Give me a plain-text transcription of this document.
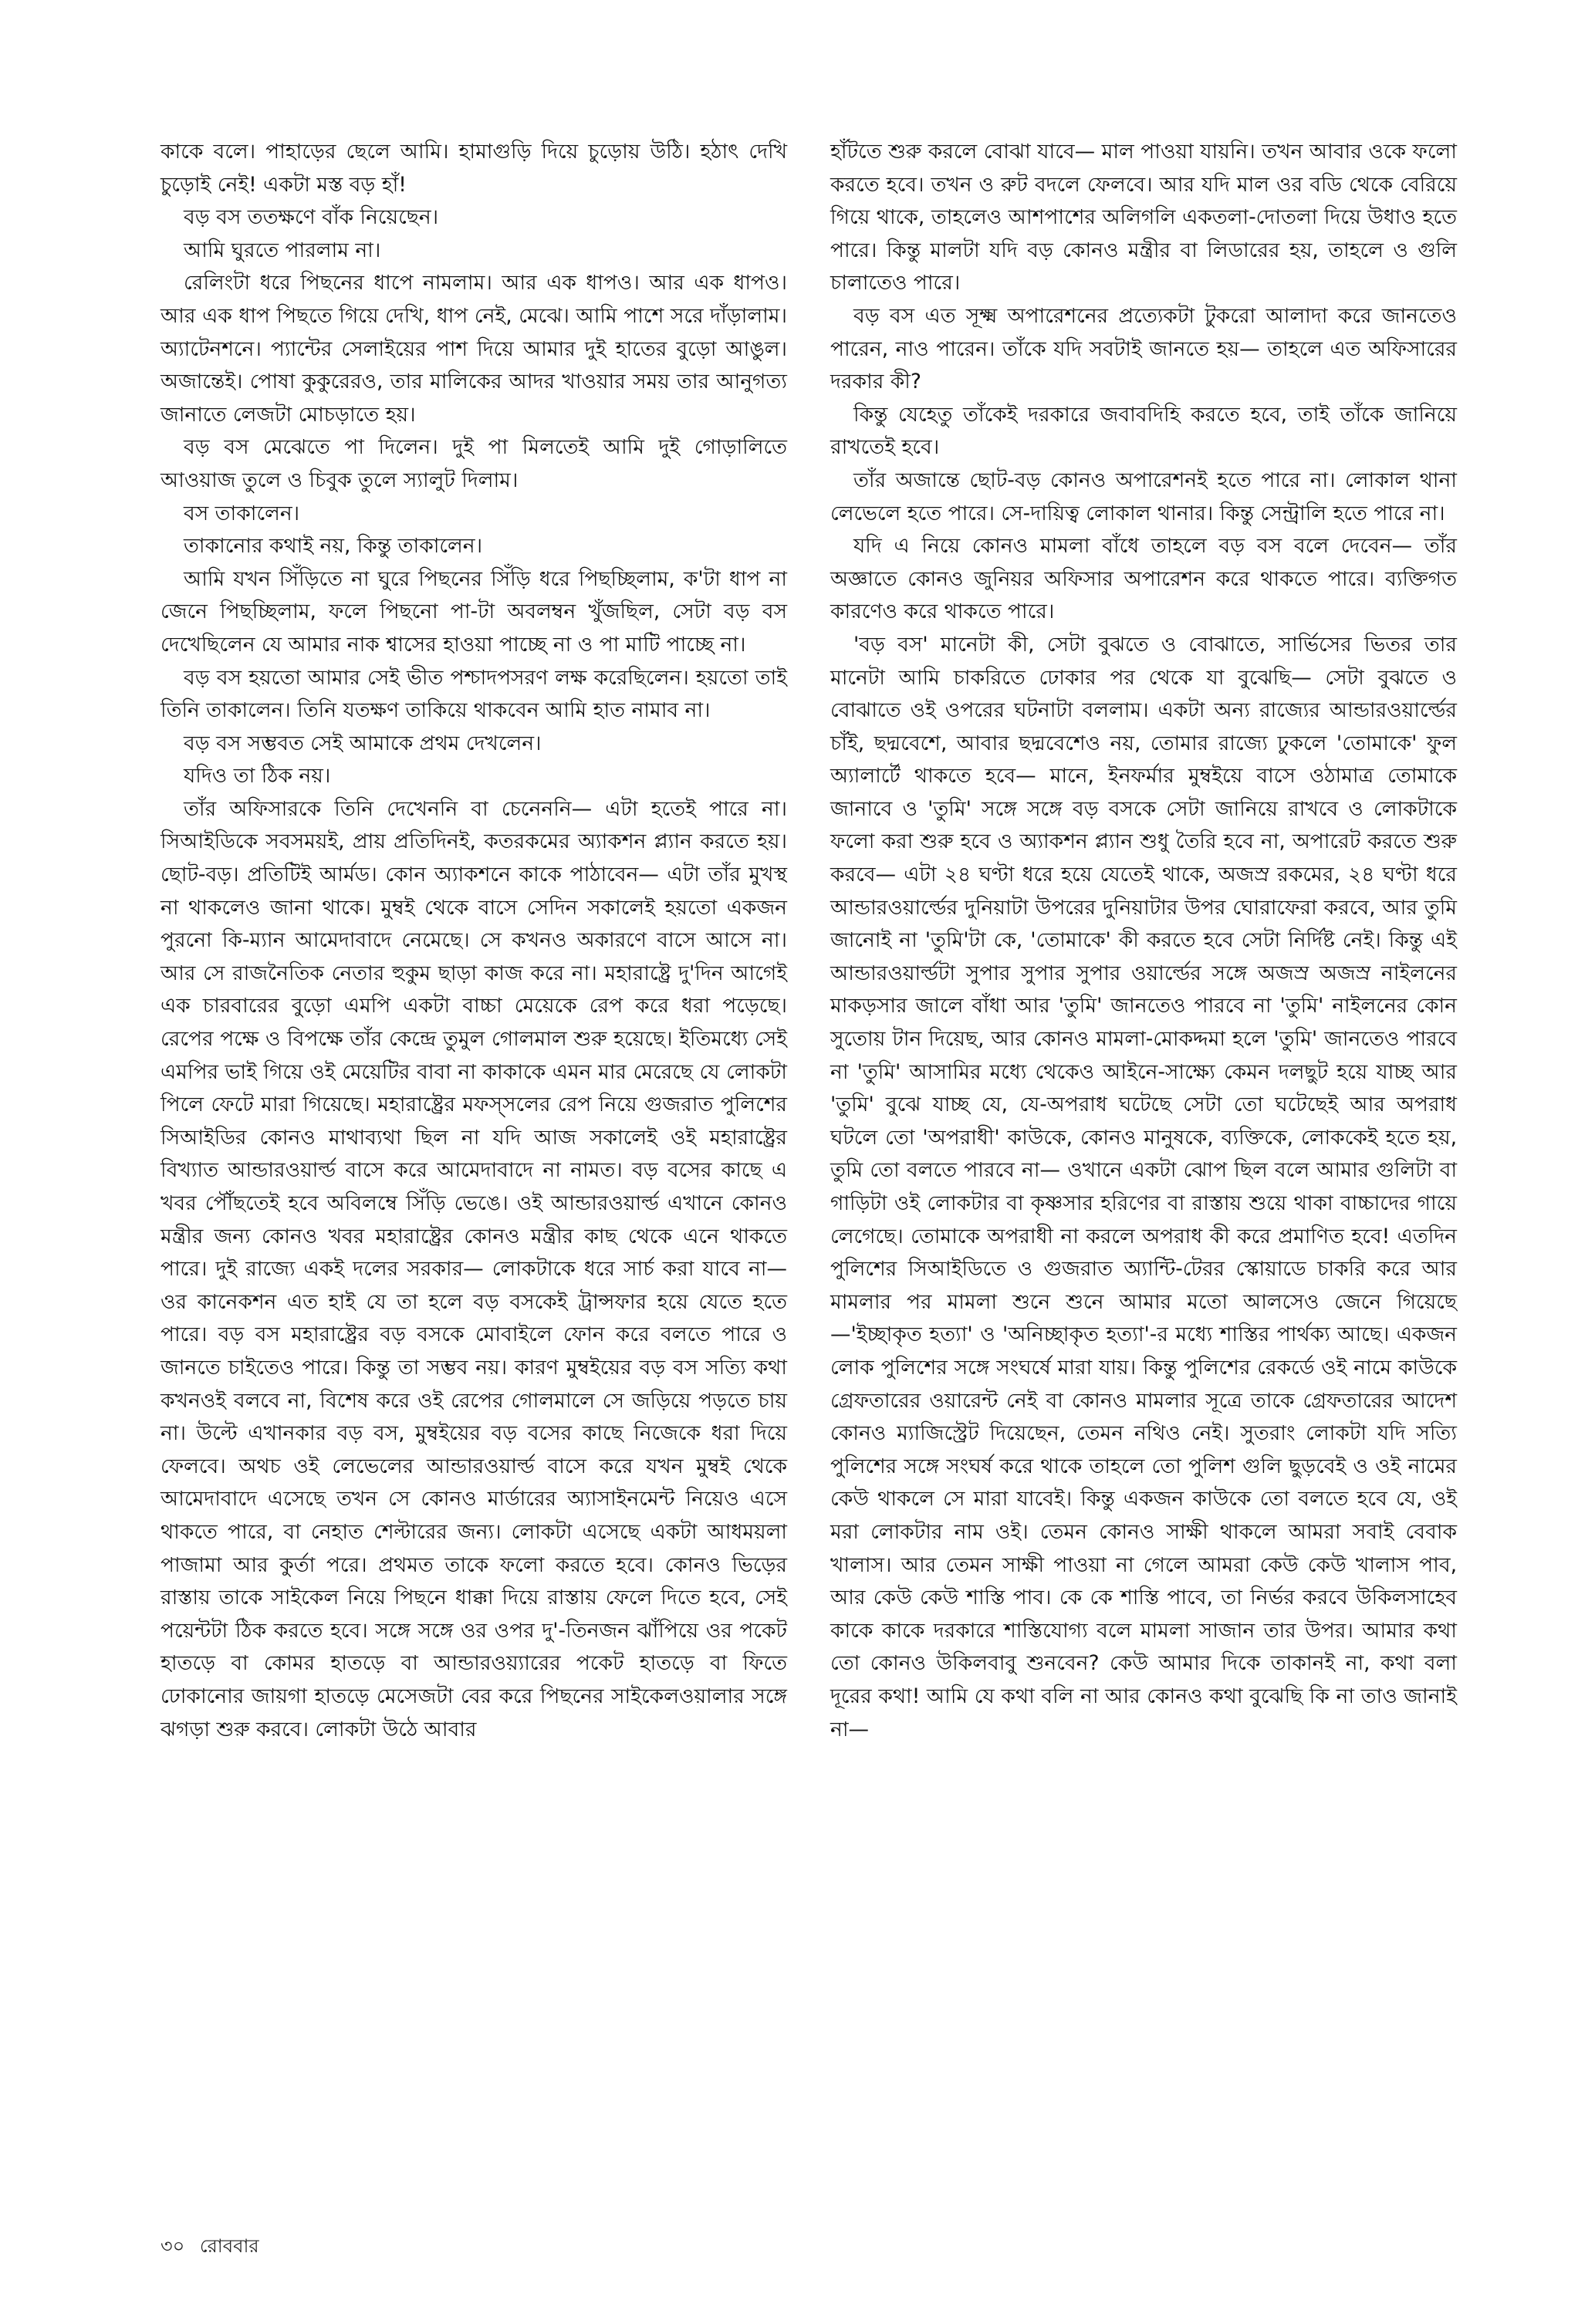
কাকে বলে। পাহাড়ের ছেলে আমি। হামাগুড়ি দিয়ে চুড়োয় উঠি। হঠাৎ দেখি চুড়োই নেই! একটা মস্ত বড় হাঁ!

বড় বস ততক্ষণে বাঁক নিয়েছেন।

আমি ঘুরতে পারলাম না।

রেলিংটা ধরে পিছনের ধাপে নামলাম। আর এক ধাপও। আর এক ধাপও। আর এক ধাপ পিছতে গিয়ে দেখি, ধাপ নেই, মেঝে। আমি পাশে সরে দাঁড়ালাম। অ্যাটেনশনে। প্যান্টের সেলাইয়ের পাশ দিয়ে আমার দুই হাতের বুড়ো আঙুল। অজান্তেই। পোষা কুকুরেরও, তার মালিকের আদর খাওয়ার সময় তার আনুগত্য জানাতে লেজটা মোচড়াতে হয়।

বড় বস মেঝেতে পা দিলেন। দুই পা মিলতেই আমি দুই গোড়ালিতে আওয়াজ তুলে ও চিবুক তুলে স্যালুট দিলাম।

বস তাকালেন।

তাকানোর কথাই নয়, কিন্তু তাকালেন।

আমি যখন সিঁড়িতে না ঘুরে পিছনের সিঁড়ি ধরে পিছচ্ছিলাম, ক'টা ধাপ না জেনে পিছচ্ছিলাম, ফলে পিছনো পা-টা অবলম্বন খুঁজছিল, সেটা বড় বস দেখেছিলেন যে আমার নাক শ্বাসের হাওয়া পাচ্ছে না ও পা মাটি পাচ্ছে না।

বড় বস হয়তো আমার সেই ভীত পশ্চাদপসরণ লক্ষ করেছিলেন। হয়তো তাই তিনি তাকালেন। তিনি যতক্ষণ তাকিয়ে থাকবেন আমি হাত নামাব না।

বড় বস সম্ভবত সেই আমাকে প্রথম দেখলেন।

যদিও তা ঠিক নয়।

তাঁর অফিসারকে তিনি দেখেননি বা চেনেননি— এটা হতেই পারে না। সিআইডিকে সবসময়ই, প্রায় প্রতিদিনই, কতরকমের অ্যাকশন প্ল্যান করতে হয়। ছোট-বড়। প্রতিটিই আর্মড। কোন অ্যাকশনে কাকে পাঠাবেন— এটা তাঁর মুখস্থ না থাকলেও জানা থাকে। মুম্বই থেকে বাসে সেদিন সকালেই হয়তো একজন পুরনো কি-ম্যান আমেদাবাদে নেমেছে। সে কখনও অকারণে বাসে আসে না। আর সে রাজনৈতিক নেতার হুকুম ছাড়া কাজ করে না। মহারাষ্ট্রে দু'দিন আগেই এক চারবারের বুড়ো এমপি একটা বাচ্চা মেয়েকে রেপ করে ধরা পড়েছে। রেপের পক্ষে ও বিপক্ষে তাঁর কেন্দ্রে তুমুল গোলমাল শুরু হয়েছে। ইতিমধ্যে সেই এমপির ভাই গিয়ে ওই মেয়েটির বাবা না কাকাকে এমন মার মেরেছে যে লোকটা পিলে ফেটে মারা গিয়েছে। মহারাষ্ট্রের মফস্‌সলের রেপ নিয়ে গুজরাত পুলিশের সিআইডির কোনও মাথাব্যথা ছিল না যদি আজ সকালেই ওই মহারাষ্ট্রের বিখ্যাত আন্ডারওয়ার্ল্ড বাসে করে আমেদাবাদে না নামত। বড় বসের কাছে এ খবর পৌঁছতেই হবে অবিলম্বে সিঁড়ি ভেঙে। ওই আন্ডারওয়ার্ল্ড এখানে কোনও মন্ত্রীর জন্য কোনও খবর মহারাষ্ট্রের কোনও মন্ত্রীর কাছ থেকে এনে থাকতে পারে। দুই রাজ্যে একই দলের সরকার— লোকটাকে ধরে সার্চ করা যাবে না— ওর কানেকশন এত হাই যে তা হলে বড় বসকেই ট্রান্সফার হয়ে যেতে হতে পারে। বড় বস মহারাষ্ট্রের বড় বসকে মোবাইলে ফোন করে বলতে পারে ও জানতে চাইতেও পারে। কিন্তু তা সম্ভব নয়। কারণ মুম্বইয়ের বড় বস সত্যি কথা কখনওই বলবে না, বিশেষ করে ওই রেপের গোলমালে সে জড়িয়ে পড়তে চায় না। উল্টে এখানকার বড় বস, মুম্বইয়ের বড় বসের কাছে নিজেকে ধরা দিয়ে ফেলবে। অথচ ওই লেভেলের আন্ডারওয়ার্ল্ড বাসে করে যখন মুম্বই থেকে আমেদাবাদে এসেছে তখন সে কোনও মার্ডারের অ্যাসাইনমেন্ট নিয়েও এসে থাকতে পারে, বা নেহাত শেল্টারের জন্য। লোকটা এসেছে একটা আধময়লা পাজামা আর কুর্তা পরে। প্রথমত তাকে ফলো করতে হবে। কোনও ভিড়ের রাস্তায় তাকে সাইকেল নিয়ে পিছনে ধাক্কা দিয়ে রাস্তায় ফেলে দিতে হবে, সেই পয়েন্টটা ঠিক করতে হবে। সঙ্গে সঙ্গে ওর ওপর দু'-তিনজন ঝাঁপিয়ে ওর পকেট হাতড়ে বা কোমর হাতড়ে বা আন্ডারওয়্যারের পকেট হাতড়ে বা ফিতে ঢোকানোর জায়গা হাতড়ে মেসেজটা বের করে পিছনের সাইকেলওয়ালার সঙ্গে ঝগড়া শুরু করবে। লোকটা উঠে আবার

হাঁটতে শুরু করলে বোঝা যাবে— মাল পাওয়া যায়নি। তখন আবার ওকে ফলো করতে হবে। তখন ও রুট বদলে ফেলবে। আর যদি মাল ওর বডি থেকে বেরিয়ে গিয়ে থাকে, তাহলেও আশপাশের অলিগলি একতলা-দোতলা দিয়ে উধাও হতে পারে। কিন্তু মালটা যদি বড় কোনও মন্ত্রীর বা লিডারের হয়, তাহলে ও গুলি চালাতেও পারে।

বড় বস এত সূক্ষ্ম অপারেশনের প্রত্যেকটা টুকরো আলাদা করে জানতেও পারেন, নাও পারেন। তাঁকে যদি সবটাই জানতে হয়— তাহলে এত অফিসারের দরকার কী?

কিন্তু যেহেতু তাঁকেই দরকারে জবাবদিহি করতে হবে, তাই তাঁকে জানিয়ে রাখতেই হবে।

তাঁর অজান্তে ছোট-বড় কোনও অপারেশনই হতে পারে না। লোকাল থানা লেভেলে হতে পারে। সে-দায়িত্ব লোকাল থানার। কিন্তু সেন্ট্রালি হতে পারে না।

যদি এ নিয়ে কোনও মামলা বাঁধে তাহলে বড় বস বলে দেবেন— তাঁর অজ্ঞাতে কোনও জুনিয়র অফিসার অপারেশন করে থাকতে পারে। ব্যক্তিগত কারণেও করে থাকতে পারে।

'বড় বস' মানেটা কী, সেটা বুঝতে ও বোঝাতে, সার্ভিসের ভিতর তার মানেটা আমি চাকরিতে ঢোকার পর থেকে যা বুঝেছি— সেটা বুঝতে ও বোঝাতে ওই ওপরের ঘটনাটা বললাম। একটা অন্য রাজ্যের আন্ডারওয়ার্ল্ডের চাঁই, ছদ্মবেশে, আবার ছদ্মবেশেও নয়, তোমার রাজ্যে ঢুকলে 'তোমাকে' ফুল অ্যালার্টে থাকতে হবে— মানে, ইনফর্মার মুম্বইয়ে বাসে ওঠামাত্র তোমাকে জানাবে ও 'তুমি' সঙ্গে সঙ্গে বড় বসকে সেটা জানিয়ে রাখবে ও লোকটাকে ফলো করা শুরু হবে ও অ্যাকশন প্ল্যান শুধু তৈরি হবে না, অপারেট করতে শুরু করবে— এটা ২৪ ঘণ্টা ধরে হয়ে যেতেই থাকে, অজস্র রকমের, ২৪ ঘণ্টা ধরে আন্ডারওয়ার্ল্ডের দুনিয়াটা উপরের দুনিয়াটার উপর ঘোরাফেরা করবে, আর তুমি জানোই না 'তুমি'টা কে, 'তোমাকে' কী করতে হবে সেটা নির্দিষ্ট নেই। কিন্তু এই আন্ডারওয়ার্ল্ডটা সুপার সুপার সুপার ওয়ার্ল্ডের সঙ্গে অজস্র অজস্র নাইলনের মাকড়সার জালে বাঁধা আর 'তুমি' জানতেও পারবে না 'তুমি' নাইলনের কোন সুতোয় টান দিয়েছ, আর কোনও মামলা-মোকদ্দমা হলে 'তুমি' জানতেও পারবে না 'তুমি' আসামির মধ্যে থেকেও আইনে-সাক্ষ্যে কেমন দলছুট হয়ে যাচ্ছ আর 'তুমি' বুঝে যাচ্ছ যে, যে-অপরাধ ঘটেছে সেটা তো ঘটেছেই আর অপরাধ ঘটলে তো 'অপরাধী' কাউকে, কোনও মানুষকে, ব্যক্তিকে, লোককেই হতে হয়, তুমি তো বলতে পারবে না— ওখানে একটা ঝোপ ছিল বলে আমার গুলিটা বা গাড়িটা ওই লোকটার বা কৃষ্ণসার হরিণের বা রাস্তায় শুয়ে থাকা বাচ্চাদের গায়ে লেগেছে। তোমাকে অপরাধী না করলে অপরাধ কী করে প্রমাণিত হবে! এতদিন পুলিশের সিআইডিতে ও গুজরাত অ্যান্টি-টেরর স্কোয়াডে চাকরি করে আর মামলার পর মামলা শুনে শুনে আমার মতো আলসেও জেনে গিয়েছে—'ইচ্ছাকৃত হত্যা' ও 'অনিচ্ছাকৃত হত্যা'-র মধ্যে শাস্তির পার্থক্য আছে। একজন লোক পুলিশের সঙ্গে সংঘর্ষে মারা যায়। কিন্তু পুলিশের রেকর্ডে ওই নামে কাউকে গ্রেফতারের ওয়ারেন্ট নেই বা কোনও মামলার সূত্রে তাকে গ্রেফতারের আদেশ কোনও ম্যাজিস্ট্রেট দিয়েছেন, তেমন নথিও নেই। সুতরাং লোকটা যদি সত্যি পুলিশের সঙ্গে সংঘর্ষ করে থাকে তাহলে তো পুলিশ গুলি ছুড়বেই ও ওই নামের কেউ থাকলে সে মারা যাবেই। কিন্তু একজন কাউকে তো বলতে হবে যে, ওই মরা লোকটার নাম ওই। তেমন কোনও সাক্ষী থাকলে আমরা সবাই বেবাক খালাস। আর তেমন সাক্ষী পাওয়া না গেলে আমরা কেউ কেউ খালাস পাব, আর কেউ কেউ শাস্তি পাব। কে কে শাস্তি পাবে, তা নির্ভর করবে উকিলসাহেব কাকে কাকে দরকারে শাস্তিযোগ্য বলে মামলা সাজান তার উপর। আমার কথা তো কোনও উকিলবাবু শুনবেন? কেউ আমার দিকে তাকানই না, কথা বলা দূরের কথা! আমি যে কথা বলি না আর কোনও কথা বুঝেছি কি না তাও জানাই না—

৩০ রোববার
